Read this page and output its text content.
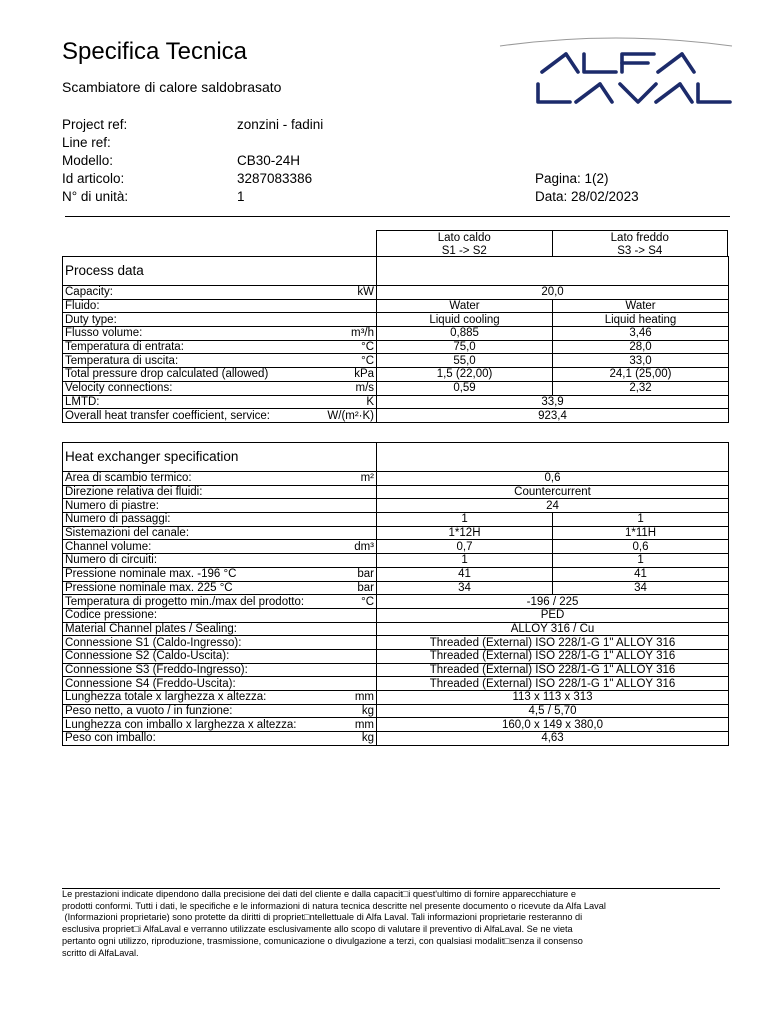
Specifica Tecnica
Scambiatore di calore saldobrasato
Project ref:	zonzini - fadini
Line ref:
Modello:	CB30-24H
Id articolo:	3287083386	Pagina: 1(2)
N° di unità:	1	Data: 28/02/2023
Lato caldo
S1 -> S2
Lato freddo
S3 -> S4
Process data			
Capacity:	kW	20,0	
Fluido:		Water	Water
Duty type:		Liquid cooling	Liquid heating
Flusso volume:	m³/h	0,885	3,46
Temperatura di entrata:	°C	75,0	28,0
Temperatura di uscita:	°C	55,0	33,0
Total pressure drop calculated (allowed)	kPa	1,5 (22,00)	24,1 (25,00)
Velocity connections:	m/s	0,59	2,32
LMTD:	K	33,9	
Overall heat transfer coefficient, service:	W/(m²·K)	923,4	
Heat exchanger specification			
Area di scambio termico:	m²	0,6	
Direzione relativa dei fluidi:		Countercurrent	
Numero di piastre:		24	
Numero di passaggi:		1	1
Sistemazioni del canale:		1*12H	1*11H
Channel volume:	dm³	0,7	0,6
Numero di circuiti:		1	1
Pressione nominale max. -196 °C	bar	41	41
Pressione nominale max. 225 °C	bar	34	34
Temperatura di progetto min./max del prodotto:	°C	-196 / 225	
Codice pressione:		PED	
Material Channel plates / Sealing:		ALLOY 316 / Cu	
Connessione S1 (Caldo-Ingresso):		Threaded (External) ISO 228/1-G 1" ALLOY 316	
Connessione S2 (Caldo-Uscita):		Threaded (External) ISO 228/1-G 1" ALLOY 316	
Connessione S3 (Freddo-Ingresso):		Threaded (External) ISO 228/1-G 1" ALLOY 316	
Connessione S4 (Freddo-Uscita):		Threaded (External) ISO 228/1-G 1" ALLOY 316	
Lunghezza totale x larghezza x altezza:	mm	113 x 113 x 313	
Peso netto, a vuoto / in funzione:	kg	4,5 / 5,70	
Lunghezza con imballo x larghezza x altezza:	mm	160,0 x 149 x 380,0	
Peso con imballo:	kg	4,63	
Le prestazioni indicate dipendono dalla precisione dei dati del cliente e dalla capacit□i quest'ultimo di fornire apparecchiature e
prodotti conformi. Tutti i dati, le specifiche e le informazioni di natura tecnica descritte nel presente documento o ricevute da Alfa Laval
(Informazioni proprietarie) sono protette da diritti di propriet□ntellettuale di Alfa Laval. Tali informazioni proprietarie resteranno di
esclusiva propriet□i AlfaLaval e verranno utilizzate esclusivamente allo scopo di valutare il preventivo di AlfaLaval. Se ne vieta
pertanto ogni utilizzo, riproduzione, trasmissione, comunicazione o divulgazione a terzi, con qualsiasi modalit□senza il consenso
scritto di AlfaLaval.
